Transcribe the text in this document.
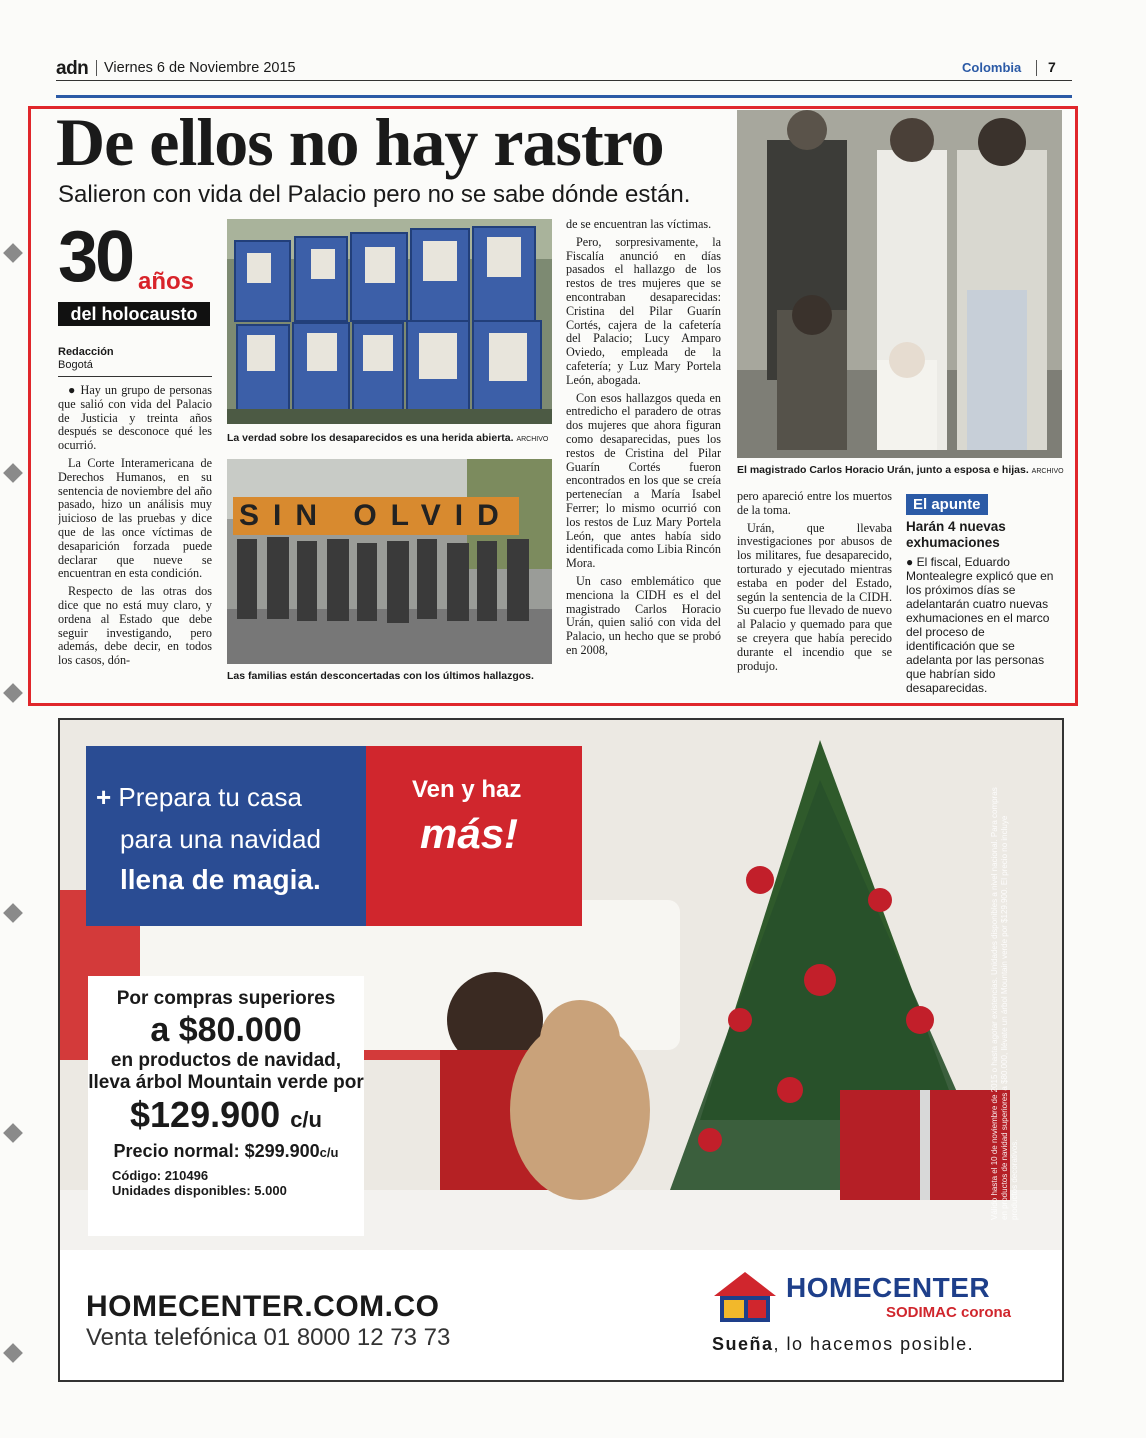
adn Viernes 6 de Noviembre 2015	Colombia 7
De ellos no hay rastro
Salieron con vida del Palacio pero no se sabe dónde están.
30 años
del holocausto
Redacción
Bogotá

● Hay un grupo de personas que salió con vida del Palacio de Justicia y treinta años después se desconoce qué les ocurrió.

La Corte Interamericana de Derechos Humanos, en su sentencia de noviembre del año pasado, hizo un análisis muy juicioso de las pruebas y dice que de las once víctimas de desaparición forzada puede declarar que nueve se encuentran en esta condición.

Respecto de las otras dos dice que no está muy claro, y ordena al Estado que debe seguir investigando, pero además, debe decir, en todos los casos, dón-

La verdad sobre los desaparecidos es una herida abierta. ARCHIVO
SIN OLVID
Las familias están desconcertadas con los últimos hallazgos.

de se encuentran las víctimas.

Pero, sorpresivamente, la Fiscalía anunció en días pasados el hallazgo de los restos de tres mujeres que se encontraban desaparecidas: Cristina del Pilar Guarín Cortés, cajera de la cafetería del Palacio; Lucy Amparo Oviedo, empleada de la cafetería; y Luz Mary Portela León, abogada.

Con esos hallazgos queda en entredicho el paradero de otras dos mujeres que ahora figuran como desaparecidas, pues los restos de Cristina del Pilar Guarín Cortés fueron encontrados en los que se creía pertenecían a María Isabel Ferrer; lo mismo ocurrió con los restos de Luz Mary Portela León, que antes había sido identificada como Libia Rincón Mora.

Un caso emblemático que menciona la CIDH es el del magistrado Carlos Horacio Urán, quien salió con vida del Palacio, un hecho que se probó en 2008,

El magistrado Carlos Horacio Urán, junto a esposa e hijas. ARCHIVO

pero apareció entre los muertos de la toma.

Urán, que llevaba investigaciones por abusos de los militares, fue desaparecido, torturado y ejecutado mientras estaba en poder del Estado, según la sentencia de la CIDH. Su cuerpo fue llevado de nuevo al Palacio y quemado para que se creyera que había perecido durante el incendio que se produjo.

El apunte
Harán 4 nuevas exhumaciones
● El fiscal, Eduardo Montealegre explicó que en los próximos días se adelantarán cuatro nuevas exhumaciones en el marco del proceso de identificación que se adelanta por las personas que habrían sido desaparecidas.
+ Prepara tu casa
para una navidad
llena de magia.
Ven y haz
más!
Por compras superiores
a $80.000
en productos de navidad,
lleva árbol Mountain verde por
$129.900 c/u
Precio normal: $299.900c/u
Código: 210496
Unidades disponibles: 5.000	Válido hasta el 10 de noviembre de 2015 o hasta agotar existencias. Unidades disponibles a nivel nacional. Para compras en productos de navidad superiores a $80.000, llévate un árbol Mountain verde por $129.900. El precio no incluye productos decorativos.
HOMECENTER.COM.CO
Venta telefónica 01 8000 12 73 73
HOMECENTER
SODIMAC corona
Sueña, lo hacemos posible.
